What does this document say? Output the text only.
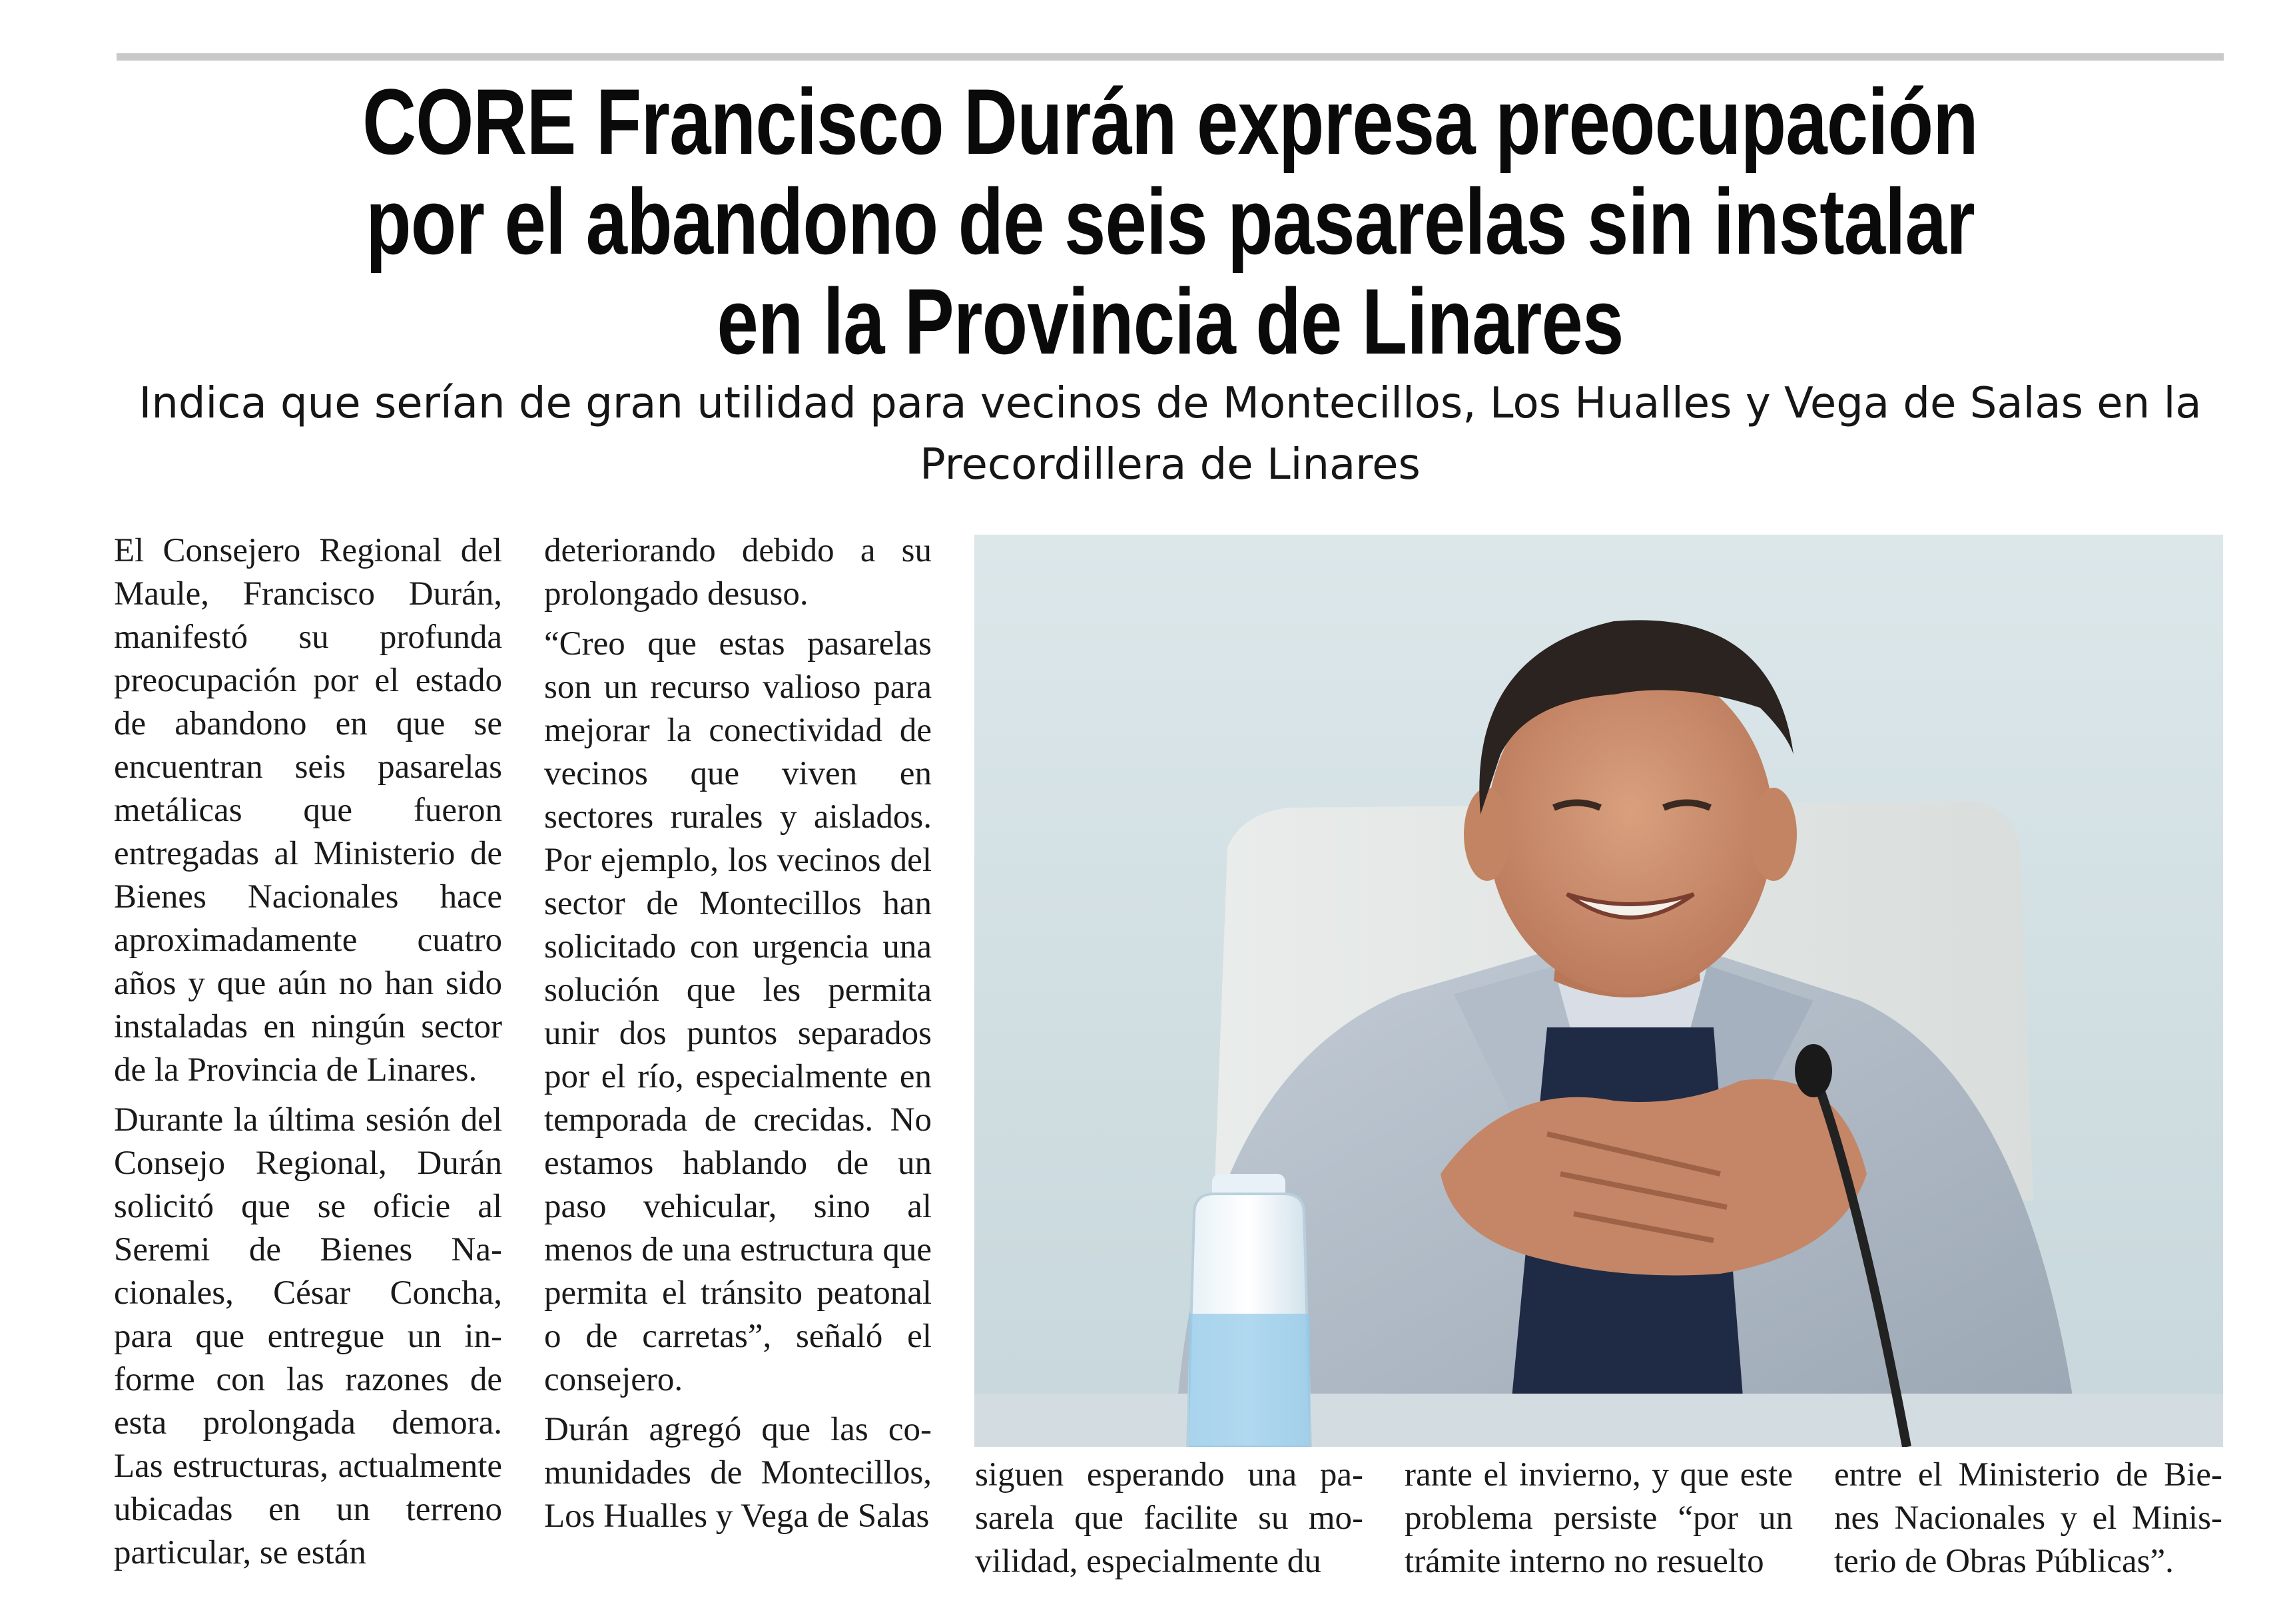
CORE Francisco Durán expresa preocupación por el abandono de seis pasarelas sin instalar en la Provincia de Linares
Indica que serían de gran utilidad para vecinos de Montecillos, Los Hualles y Vega de Salas en la Precordillera de Linares

El Consejero Regional del Maule, Francisco Durán, manifestó su profunda preocupación por el estado de abandono en que se encuentran seis pasarelas metálicas que fueron entregadas al Ministerio de Bienes Nacionales hace aproximadamente cuatro años y que aún no han sido instaladas en ningún sector de la Provincia de Linares.

Durante la última sesión del Consejo Regional, Durán solicitó que se oficie al Seremi de Bienes Nacionales, César Concha, para que entregue un informe con las razones de esta prolongada demora. Las estructuras, actualmente ubicadas en un terreno particular, se están

deteriorando debido a su prolongado desuso.

“Creo que estas pasarelas son un recurso valioso para mejorar la conectividad de vecinos que viven en sectores rurales y aislados. Por ejemplo, los vecinos del sector de Montecillos han solicitado con urgencia una solución que les permita unir dos puntos separados por el río, especialmente en temporada de crecidas. No estamos hablando de un paso vehicular, sino al menos de una estructura que permita el tránsito peatonal o de carretas”, señaló el consejero.

Durán agregó que las comunidades de Montecillos, Los Hualles y Vega de Salas

siguen esperando una pasarela que facilite su movilidad, especialmente du

rante el invierno, y que este problema persiste “por un trámite interno no resuelto

entre el Ministerio de Bienes Nacionales y el Ministerio de Obras Públicas”.
